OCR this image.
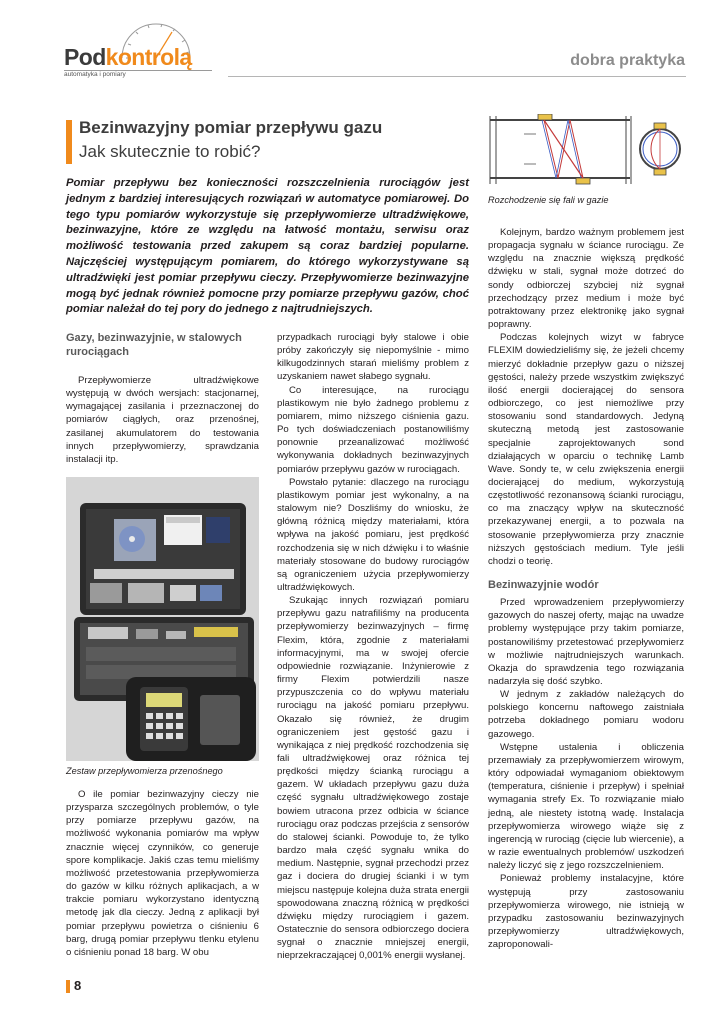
Podkontrolą
automatyka i pomiary
dobra praktyka
Bezinwazyjny pomiar przepływu gazu
Jak skutecznie to robić?
Pomiar przepływu bez konieczności rozszczelnienia rurociągów jest jednym z bardziej interesujących rozwiązań w automatyce pomiarowej. Do tego typu pomiarów wykorzystuje się przepływomierze ultradźwiękowe, bezinwazyjne, które ze względu na łatwość montażu, serwisu oraz możliwość testowania przed zakupem są coraz bardziej popularne. Najczęściej występującym pomiarem, do którego wykorzystywane są ultradźwięki jest pomiar przepływu cieczy. Przepływomierze bezinwazyjne mogą być jednak również pomocne przy pomiarze przepływu gazów, choć pomiar należał do tej pory do jednego z najtrudniejszych.
Rozchodzenie się fali w gazie
Gazy, bezinwazyjnie, w stalowych rurociągach

Przepływomierze ultradźwiękowe występują w dwóch wersjach: stacjonarnej, wymagającej zasilania i przeznaczonej do pomiarów ciągłych, oraz przenośnej, zasilanej akumulatorem do testowania innych przepływomierzy, sprawdzania instalacji itp.

Zestaw przepływomierza przenośnego

O ile pomiar bezinwazyjny cieczy nie przysparza szczególnych problemów, o tyle przy pomiarze przepływu gazów, na możliwość wykonania pomiarów ma wpływ znacznie więcej czynników, co generuje spore komplikacje. Jakiś czas temu mieliśmy możliwość przetestowania przepływomierza do gazów w kilku różnych aplikacjach, a w trakcie pomiaru wykorzystano identyczną metodę jak dla cieczy. Jedną z aplikacji był pomiar przepływu powietrza o ciśnieniu 6 barg, drugą pomiar przepływu tlenku etylenu o ciśnieniu ponad 18 barg. W obu

przypadkach rurociągi były stalowe i obie próby zakończyły się niepomyślnie - mimo kilkugodzinnych starań mieliśmy problem z uzyskaniem nawet słabego sygnału.

Co interesujące, na rurociągu plastikowym nie było żadnego problemu z pomiarem, mimo niższego ciśnienia gazu. Po tych doświadczeniach postanowiliśmy ponownie przeanalizować możliwość wykonywania dokładnych bezinwazyjnych pomiarów przepływu gazów w rurociągach.

Powstało pytanie: dlaczego na rurociągu plastikowym pomiar jest wykonalny, a na stalowym nie? Doszliśmy do wniosku, że główną różnicą między materiałami, która wpływa na jakość pomiaru, jest prędkość rozchodzenia się w nich dźwięku i to właśnie materiały stosowane do budowy rurociągów są ograniczeniem użycia przepływomierzy ultradźwiękowych.

Szukając innych rozwiązań pomiaru przepływu gazu natrafiliśmy na producenta przepływomierzy bezinwazyjnych – firmę Flexim, która, zgodnie z materiałami informacyjnymi, ma w swojej ofercie odpowiednie rozwiązanie. Inżynierowie z firmy Flexim potwierdzili nasze przypuszczenia co do wpływu materiału rurociągu na jakość pomiaru przepływu. Okazało się również, że drugim ograniczeniem jest gęstość gazu i wynikająca z niej prędkość rozchodzenia się fali ultradźwiękowej oraz różnica tej prędkości między ścianką rurociągu a gazem. W układach przepływu gazu duża część sygnału ultradźwiękowego zostaje bowiem utracona przez odbicia w ściance rurociągu oraz podczas przejścia z sensorów do stalowej ścianki. Powoduje to, że tylko bardzo mała część sygnału wnika do medium. Następnie, sygnał przechodzi przez gaz i dociera do drugiej ścianki i w tym miejscu następuje kolejna duża strata energii spowodowana znaczną różnicą w prędkości dźwięku między rurociągiem i gazem. Ostatecznie do sensora odbiorczego dociera sygnał o znacznie mniejszej energii, nieprzekraczającej 0,001% energii wysłanej.

Kolejnym, bardzo ważnym problemem jest propagacja sygnału w ściance rurociągu. Ze względu na znacznie większą prędkość dźwięku w stali, sygnał może dotrzeć do sondy odbiorczej szybciej niż sygnał przechodzący przez medium i może być potraktowany przez elektronikę jako sygnał poprawny.

Podczas kolejnych wizyt w fabryce FLEXIM dowiedzieliśmy się, że jeżeli chcemy mierzyć dokładnie przepływ gazu o niższej gęstości, należy przede wszystkim zwiększyć ilość energii docierającej do sensora odbiorczego, co jest niemożliwe przy stosowaniu sond standardowych. Jedyną skuteczną metodą jest zastosowanie specjalnie zaprojektowanych sond działających w oparciu o technikę Lamb Wave. Sondy te, w celu zwiększenia energii docierającej do medium, wykorzystują częstotliwość rezonansową ścianki rurociągu, co ma znaczący wpływ na skuteczność przekazywanej energii, a to pozwala na stosowanie przepływomierza przy znacznie niższych gęstościach medium. Tyle jeśli chodzi o teorię.

Bezinwazyjnie wodór

Przed wprowadzeniem przepływomierzy gazowych do naszej oferty, mając na uwadze problemy występujące przy takim pomiarze, postanowiliśmy przetestować przepływomierz w możliwie najtrudniejszych warunkach. Okazja do sprawdzenia tego rozwiązania nadarzyła się dość szybko.

W jednym z zakładów należących do polskiego koncernu naftowego zaistniała potrzeba dokładnego pomiaru wodoru gazowego.

Wstępne ustalenia i obliczenia przemawiały za przepływomierzem wirowym, który odpowiadał wymaganiom obiektowym (temperatura, ciśnienie i przepływ) i spełniał wymagania strefy Ex. To rozwiązanie miało jedną, ale niestety istotną wadę. Instalacja przepływomierza wirowego wiąże się z ingerencją w rurociąg (cięcie lub wiercenie), a w razie ewentualnych problemów/ uszkodzeń należy liczyć się z jego rozszczelnieniem.

Ponieważ problemy instalacyjne, które występują przy zastosowaniu przepływomierza wirowego, nie istnieją w przypadku zastosowaniu bezinwazyjnych przepływomierzy ultradźwiękowych, zaproponowali-

8
